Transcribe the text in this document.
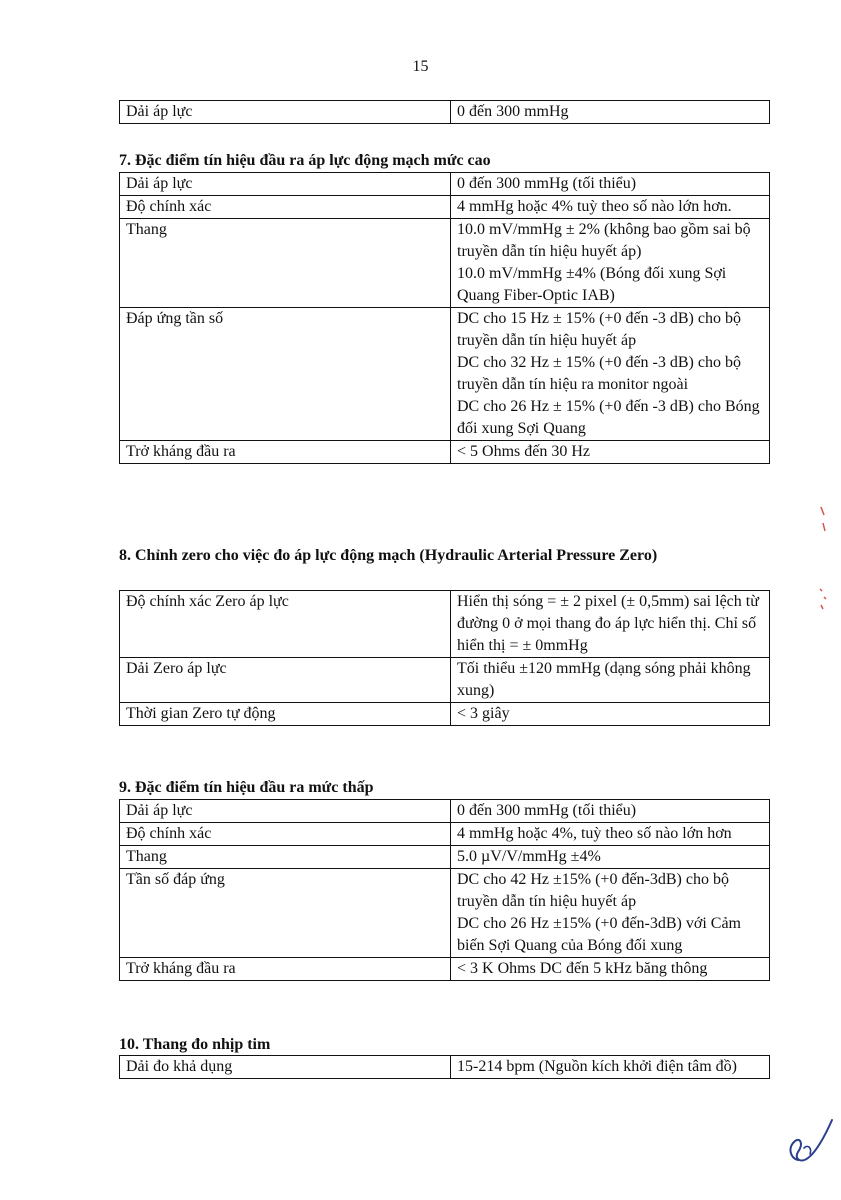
15
Dải áp lực	0 đến 300 mmHg
7. Đặc điểm tín hiệu đầu ra áp lực động mạch mức cao
Dải áp lực	0 đến 300 mmHg (tối thiểu)

Độ chính xác	4 mmHg hoặc 4% tuỳ theo số nào lớn hơn.

Thang	10.0 mV/mmHg ± 2% (không bao gồm sai bộ truyền dẫn tín hiệu huyết áp)
10.0 mV/mmHg ±4% (Bóng đối xung Sợi Quang Fiber-Optic IAB)

Đáp ứng tần số	DC cho 15 Hz ± 15% (+0 đến -3 dB) cho bộ truyền dẫn tín hiệu huyết áp
DC cho 32 Hz ± 15% (+0 đến -3 dB) cho bộ truyền dẫn tín hiệu ra monitor ngoài
DC cho 26 Hz ± 15% (+0 đến -3 dB) cho Bóng đối xung Sợi Quang

Trở kháng đầu ra	< 5 Ohms đến 30 Hz
8. Chỉnh zero cho việc đo áp lực động mạch (Hydraulic Arterial Pressure Zero)
Độ chính xác Zero áp lực	Hiển thị sóng = ± 2 pixel (± 0,5mm) sai lệch từ đường 0 ở mọi thang đo áp lực hiển thị. Chỉ số hiển thị = ± 0mmHg

Dải Zero áp lực	Tối thiểu ±120 mmHg (dạng sóng phải không xung)

Thời gian Zero tự động	< 3 giây
9. Đặc điểm tín hiệu đầu ra mức thấp
Dải áp lực	0 đến 300 mmHg (tối thiểu)

Độ chính xác	4 mmHg hoặc 4%, tuỳ theo số nào lớn hơn

Thang	5.0 µV/V/mmHg ±4%

Tần số đáp ứng	DC cho 42 Hz ±15% (+0 đến-3dB) cho bộ truyền dẫn tín hiệu huyết áp
DC cho 26 Hz ±15% (+0 đến-3dB) với Cảm biến Sợi Quang của Bóng đối xung

Trở kháng đầu ra	< 3 K Ohms DC đến 5 kHz băng thông
10. Thang đo nhịp tim
Dải đo khả dụng	15-214 bpm (Nguồn kích khởi điện tâm đồ)
